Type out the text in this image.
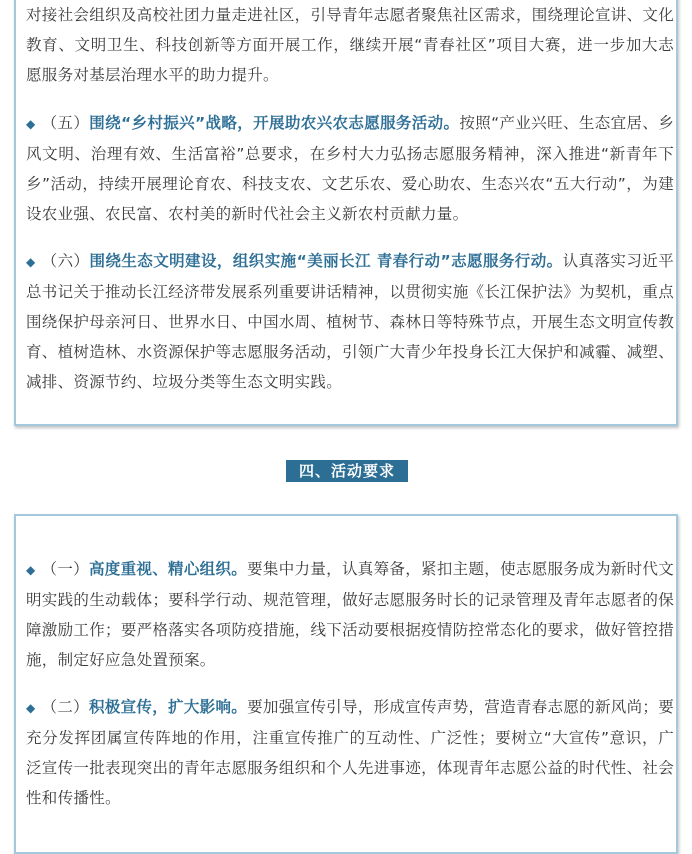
对接社会组织及高校社团力量走进社区，引导青年志愿者聚焦社区需求，围绕理论宣讲、文化教育、文明卫生、科技创新等方面开展工作，继续开展“青春社区”项目大赛，进一步加大志愿服务对基层治理水平的助力提升。

◆ （五）围绕“乡村振兴”战略，开展助农兴农志愿服务活动。按照“产业兴旺、生态宜居、乡风文明、治理有效、生活富裕”总要求，在乡村大力弘扬志愿服务精神，深入推进“新青年下乡”活动，持续开展理论育农、科技支农、文艺乐农、爱心助农、生态兴农“五大行动”，为建设农业强、农民富、农村美的新时代社会主义新农村贡献力量。

◆ （六）围绕生态文明建设，组织实施“美丽长江 青春行动”志愿服务行动。认真落实习近平总书记关于推动长江经济带发展系列重要讲话精神，以贯彻实施《长江保护法》为契机，重点围绕保护母亲河日、世界水日、中国水周、植树节、森林日等特殊节点，开展生态文明宣传教育、植树造林、水资源保护等志愿服务活动，引领广大青少年投身长江大保护和减霾、减塑、减排、资源节约、垃圾分类等生态文明实践。

四、活动要求

◆ （一）高度重视、精心组织。要集中力量，认真筹备，紧扣主题，使志愿服务成为新时代文明实践的生动载体；要科学行动、规范管理，做好志愿服务时长的记录管理及青年志愿者的保障激励工作；要严格落实各项防疫措施，线下活动要根据疫情防控常态化的要求，做好管控措施，制定好应急处置预案。

◆ （二）积极宣传，扩大影响。要加强宣传引导，形成宣传声势，营造青春志愿的新风尚；要充分发挥团属宣传阵地的作用，注重宣传推广的互动性、广泛性；要树立“大宣传”意识，广泛宣传一批表现突出的青年志愿服务组织和个人先进事迹，体现青年志愿公益的时代性、社会性和传播性。
